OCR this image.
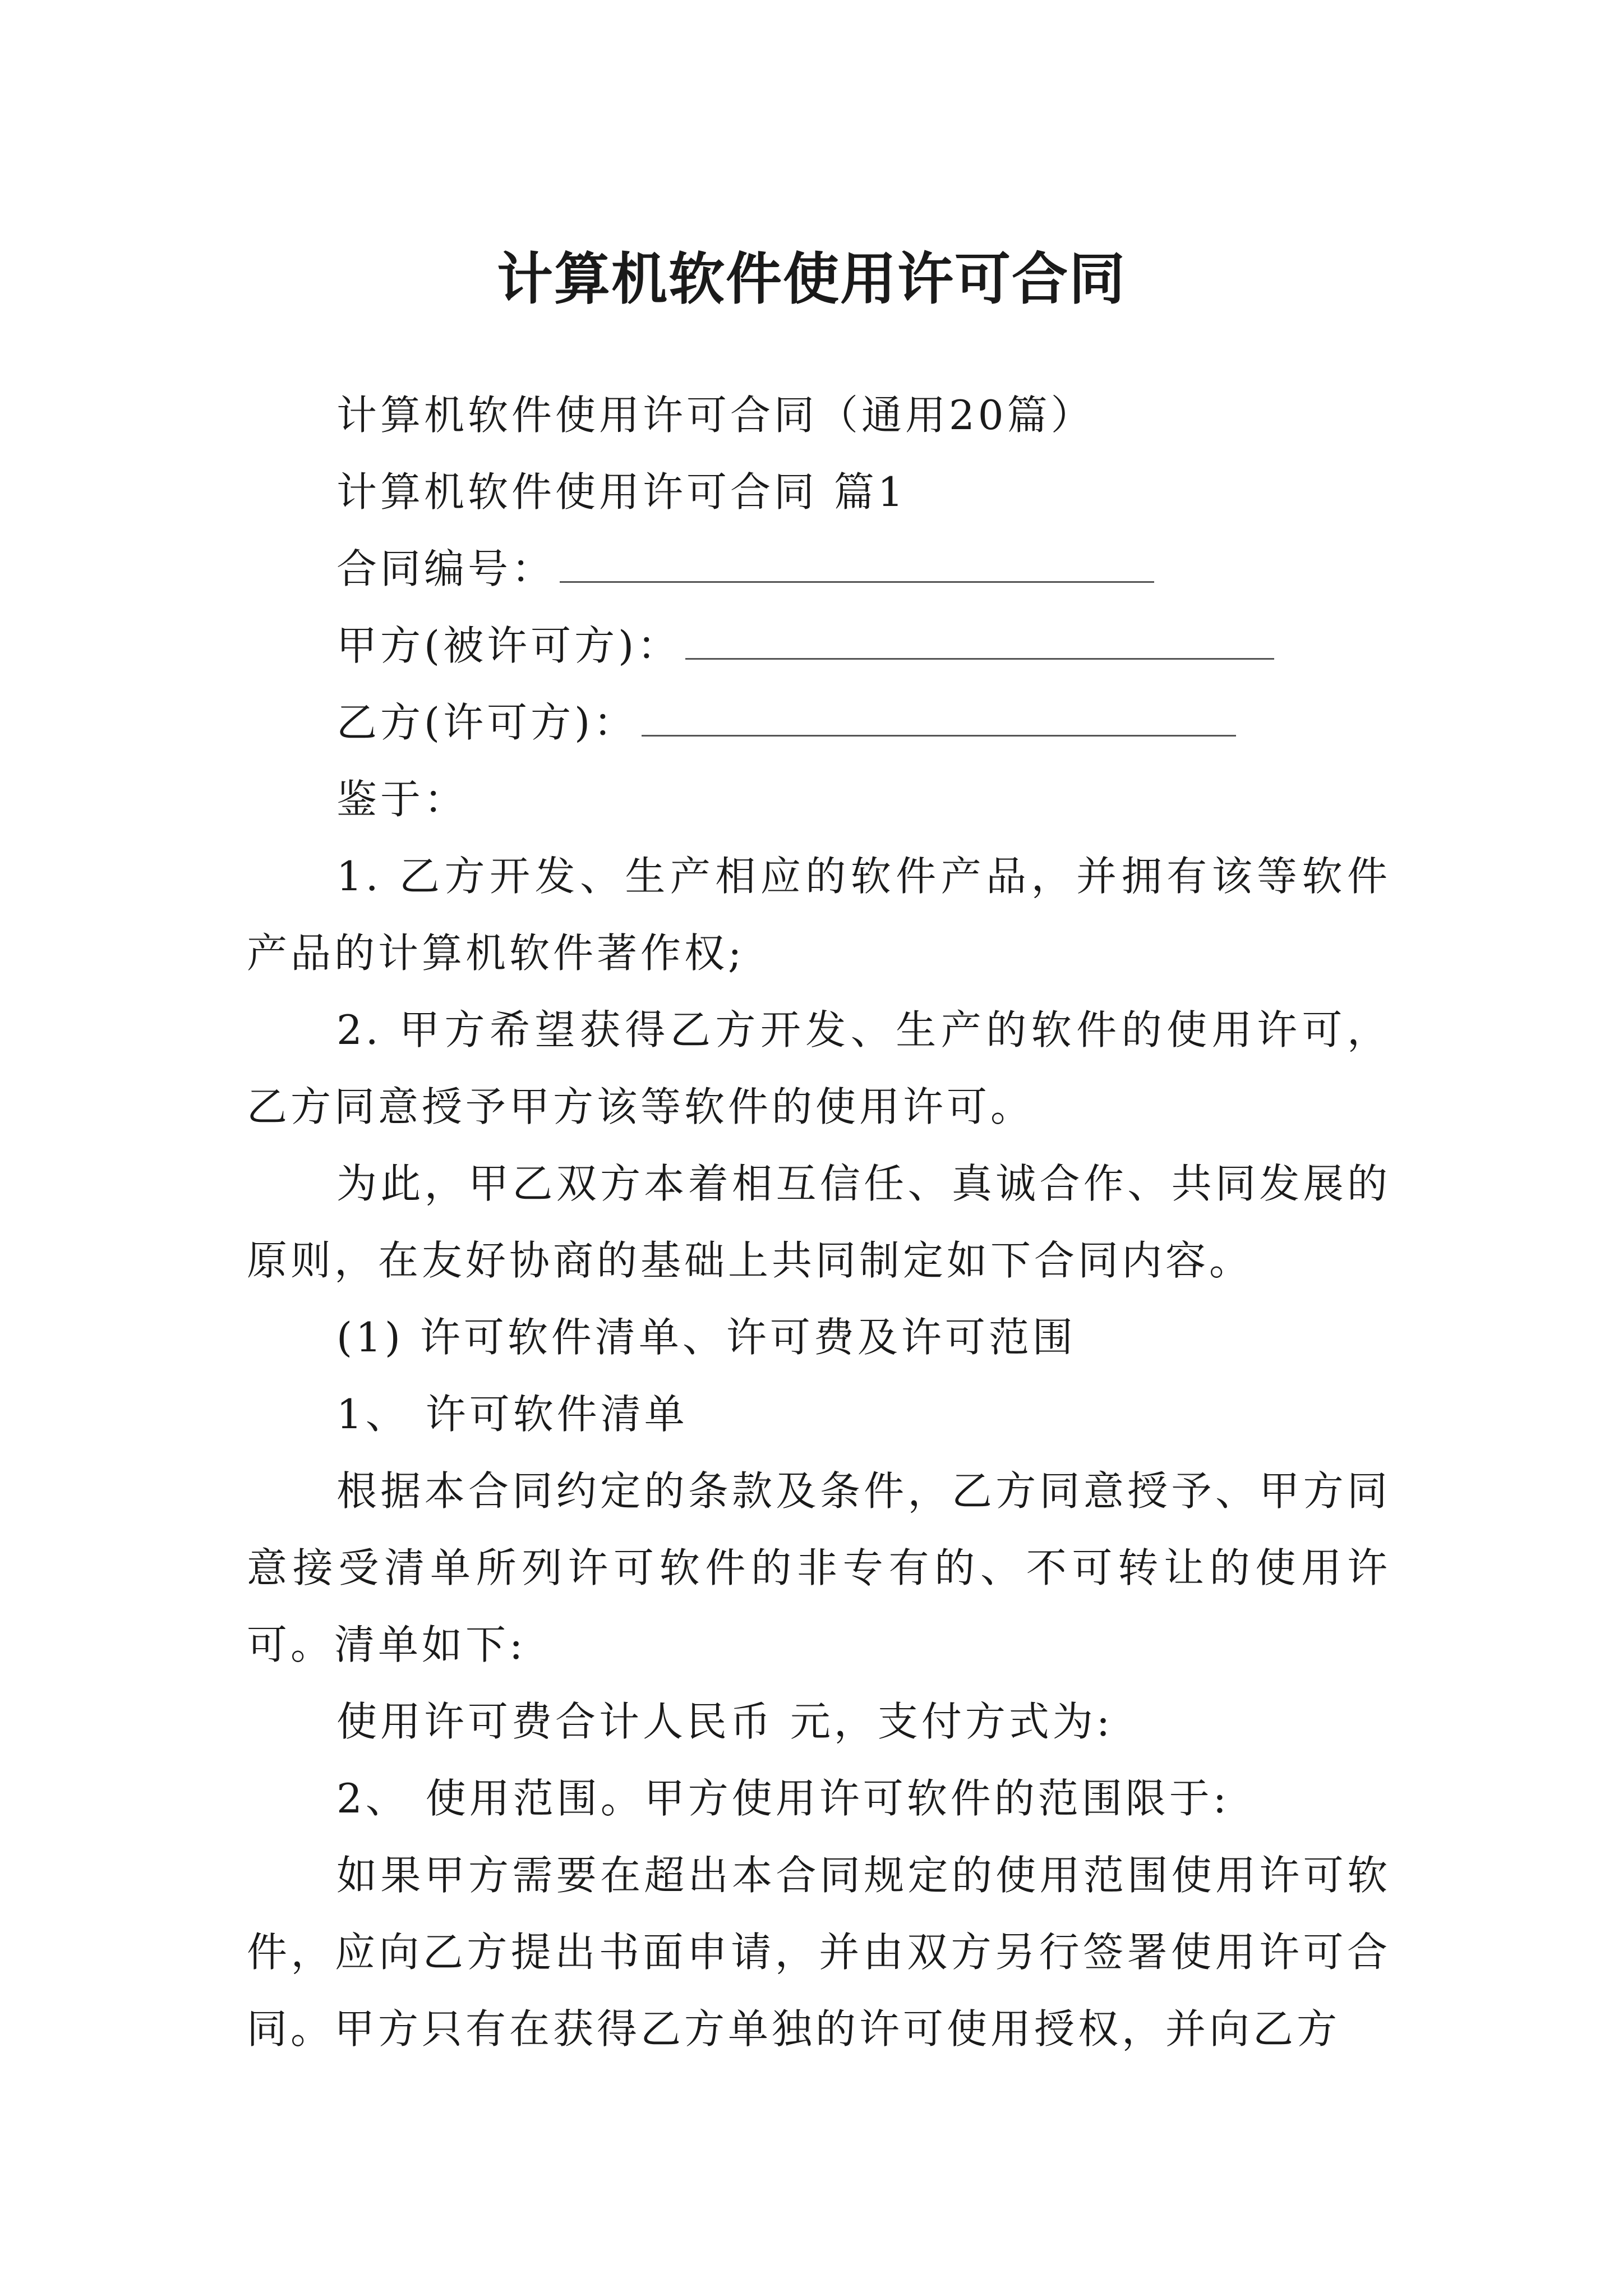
计算机软件使用许可合同

计算机软件使用许可合同（通用20篇）

计算机软件使用许可合同 篇1

合同编号：

甲方(被许可方)：

乙方(许可方)：

鉴于：

1. 乙方开发、生产相应的软件产品，并拥有该等软件产品的计算机软件著作权;

2. 甲方希望获得乙方开发、生产的软件的使用许可，乙方同意授予甲方该等软件的使用许可。

为此，甲乙双方本着相互信任、真诚合作、共同发展的原则，在友好协商的基础上共同制定如下合同内容。

(1) 许可软件清单、许可费及许可范围

1、 许可软件清单

根据本合同约定的条款及条件，乙方同意授予、甲方同意接受清单所列许可软件的非专有的、不可转让的使用许可。清单如下:

使用许可费合计人民币 元，支付方式为:

2、 使用范围。甲方使用许可软件的范围限于:

如果甲方需要在超出本合同规定的使用范围使用许可软件，应向乙方提出书面申请，并由双方另行签署使用许可合同。甲方只有在获得乙方单独的许可使用授权，并向乙方
